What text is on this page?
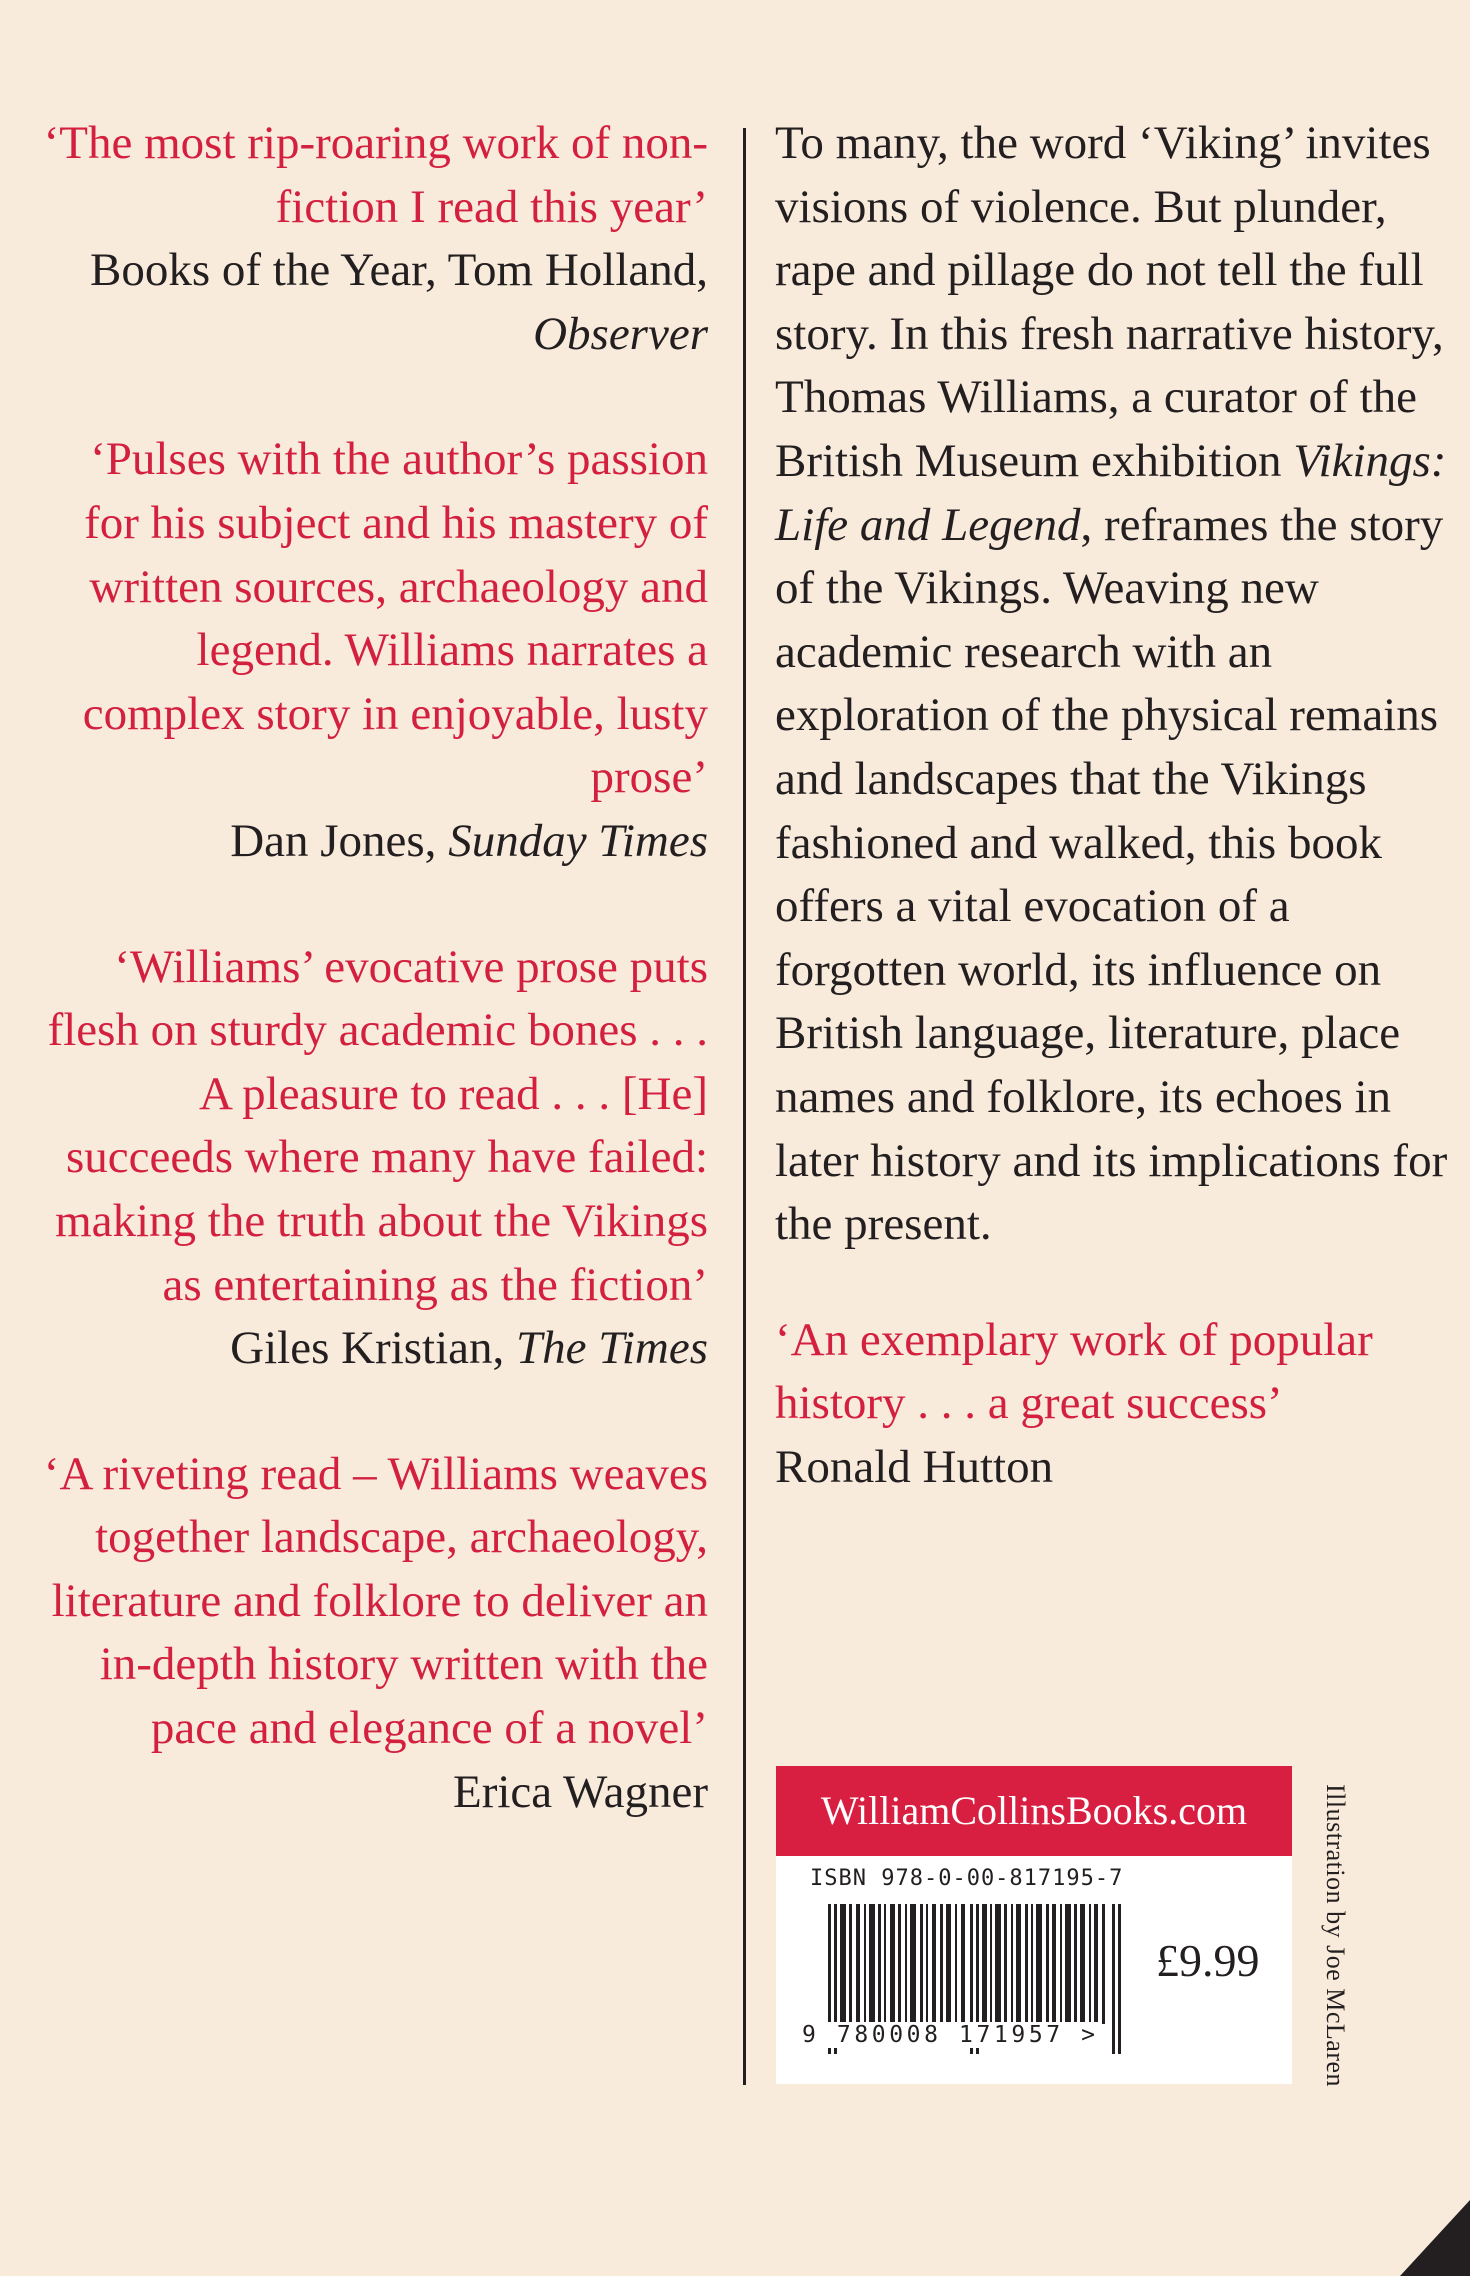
‘The most rip-roaring work of non-fiction I read this year’
Books of the Year, Tom Holland, Observer
‘Pulses with the author’s passion for his subject and his mastery of written sources, archaeology and legend. Williams narrates a complex story in enjoyable, lusty prose’
Dan Jones, Sunday Times
‘Williams’ evocative prose puts flesh on sturdy academic bones . . . A pleasure to read . . . [He] succeeds where many have failed: making the truth about the Vikings as entertaining as the fiction’
Giles Kristian, The Times
‘A riveting read – Williams weaves together landscape, archaeology, literature and folklore to deliver an in-depth history written with the pace and elegance of a novel’
Erica Wagner
To many, the word ‘Viking’ invites visions of violence. But plunder, rape and pillage do not tell the full story. In this fresh narrative history, Thomas Williams, a curator of the British Museum exhibition Vikings: Life and Legend, reframes the story of the Vikings. Weaving new academic research with an exploration of the physical remains and landscapes that the Vikings fashioned and walked, this book offers a vital evocation of a forgotten world, its influence on British language, literature, place names and folklore, its echoes in later history and its implications for the present.
‘An exemplary work of popular history . . . a great success’
Ronald Hutton
WilliamCollinsBooks.com
ISBN 978-0-00-817195-7
9 780008 171957 >
£9.99 Illustration by Joe McLaren
